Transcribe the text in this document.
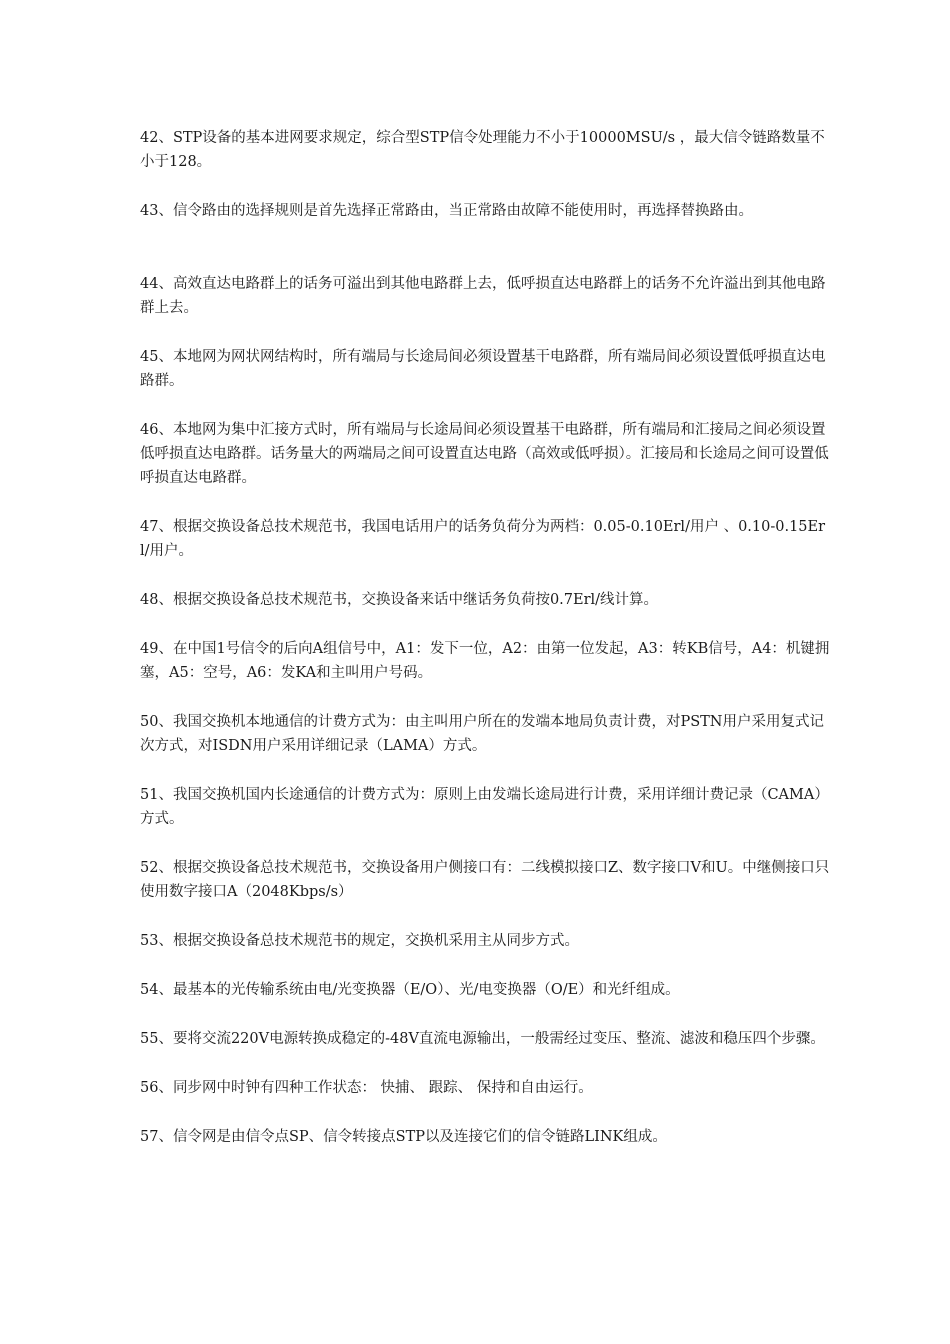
42、STP设备的基本进网要求规定，综合型STP信令处理能力不小于10000MSU/s ，最大信令链路数量不小于128。

43、信令路由的选择规则是首先选择正常路由，当正常路由故障不能使用时，再选择替换路由。

44、高效直达电路群上的话务可溢出到其他电路群上去，低呼损直达电路群上的话务不允许溢出到其他电路群上去。

45、本地网为网状网结构时，所有端局与长途局间必须设置基干电路群，所有端局间必须设置低呼损直达电路群。

46、本地网为集中汇接方式时，所有端局与长途局间必须设置基干电路群，所有端局和汇接局之间必须设置低呼损直达电路群。话务量大的两端局之间可设置直达电路（高效或低呼损）。汇接局和长途局之间可设置低呼损直达电路群。

47、根据交换设备总技术规范书，我国电话用户的话务负荷分为两档：0.05-0.10Erl/用户 、0.10-0.15Erl/用户。

48、根据交换设备总技术规范书，交换设备来话中继话务负荷按0.7Erl/线计算。

49、在中国1号信令的后向A组信号中，A1：发下一位，A2：由第一位发起，A3：转KB信号，A4：机键拥塞，A5：空号，A6：发KA和主叫用户号码。

50、我国交换机本地通信的计费方式为：由主叫用户所在的发端本地局负责计费，对PSTN用户采用复式记次方式，对ISDN用户采用详细记录（LAMA）方式。

51、我国交换机国内长途通信的计费方式为：原则上由发端长途局进行计费，采用详细计费记录（CAMA）方式。

52、根据交换设备总技术规范书，交换设备用户侧接口有：二线模拟接口Z、数字接口V和U。中继侧接口只使用数字接口A（2048Kbps/s）

53、根据交换设备总技术规范书的规定，交换机采用主从同步方式。

54、最基本的光传输系统由电/光变换器（E/O）、光/电变换器（O/E）和光纤组成。

55、要将交流220V电源转换成稳定的-48V直流电源输出，一般需经过变压、整流、滤波和稳压四个步骤。

56、同步网中时钟有四种工作状态： 快捕、 跟踪、 保持和自由运行。

57、信令网是由信令点SP、信令转接点STP以及连接它们的信令链路LINK组成。
